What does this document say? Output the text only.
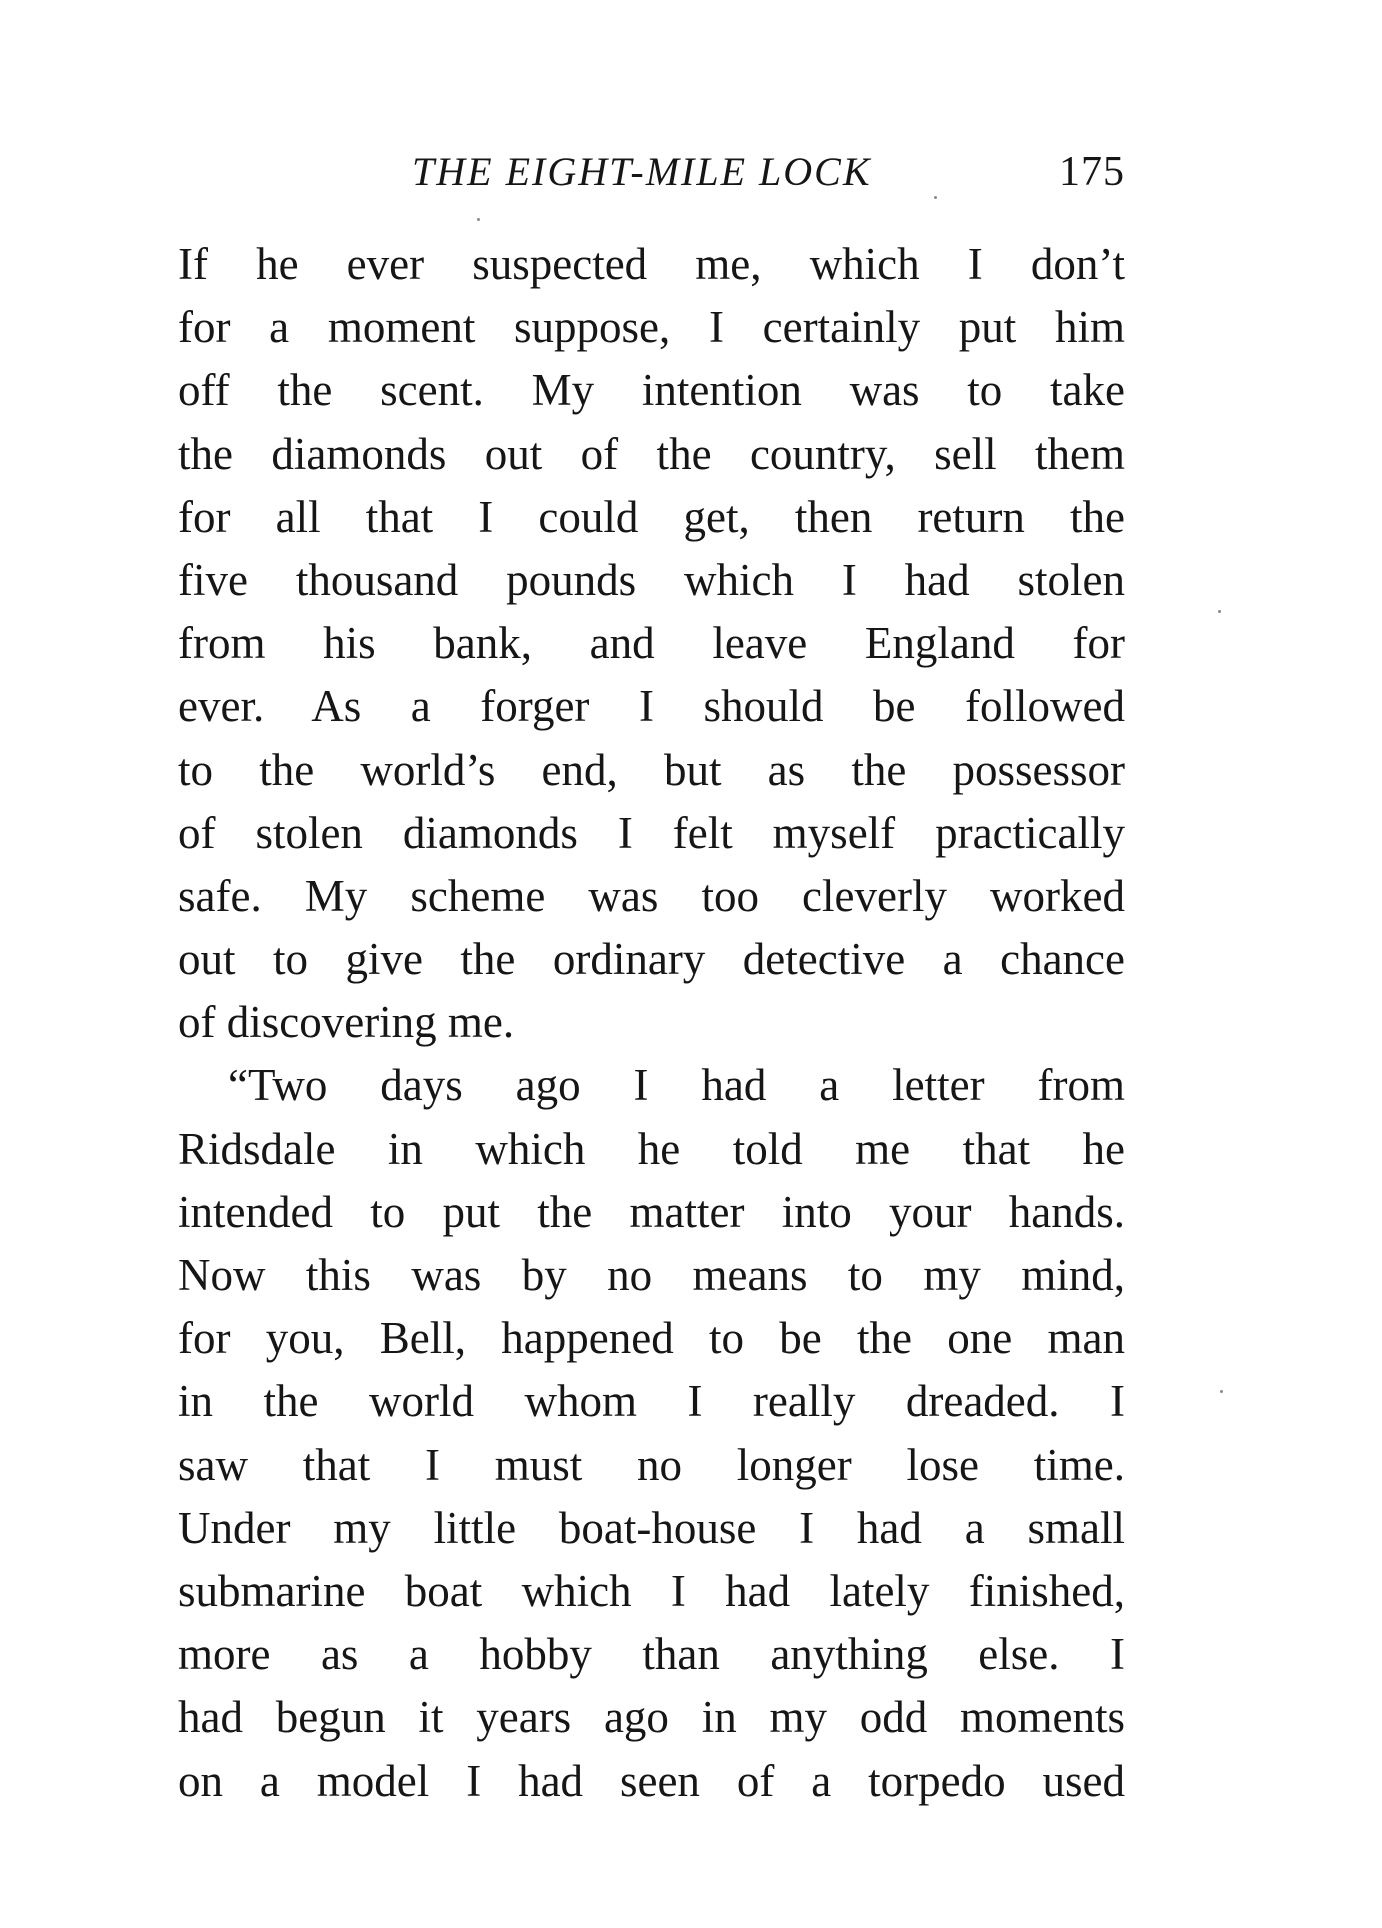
THE EIGHT-MILE LOCK	175
If he ever suspected me, which I don’t
for a moment suppose, I certainly put him
off the scent. My intention was to take
the diamonds out of the country, sell them
for all that I could get, then return the
five thousand pounds which I had stolen
from his bank, and leave England for
ever. As a forger I should be followed
to the world’s end, but as the possessor
of stolen diamonds I felt myself practically
safe. My scheme was too cleverly worked
out to give the ordinary detective a chance
of discovering me.
“Two days ago I had a letter from
Ridsdale in which he told me that he
intended to put the matter into your hands.
Now this was by no means to my mind,
for you, Bell, happened to be the one man
in the world whom I really dreaded. I
saw that I must no longer lose time.
Under my little boat-house I had a small
submarine boat which I had lately finished,
more as a hobby than anything else. I
had begun it years ago in my odd moments
on a model I had seen of a torpedo used
